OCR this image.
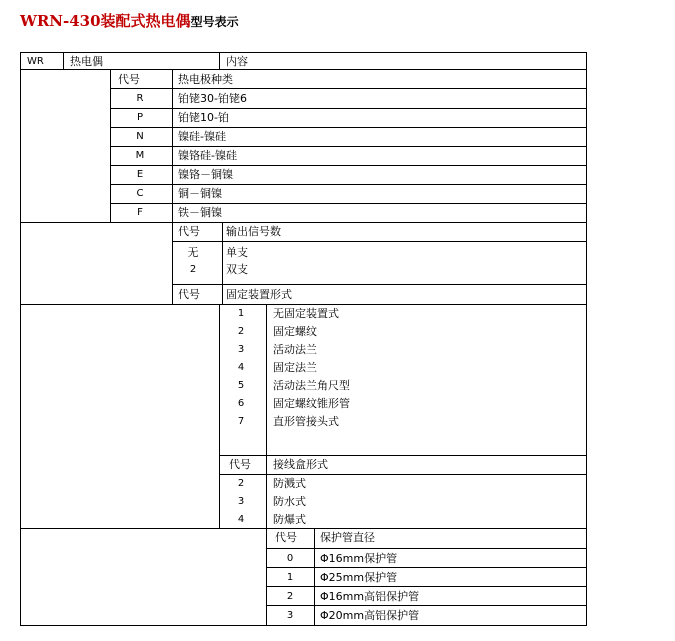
WRN-430装配式热电偶型号表示
WR 热电偶	内容
代号	热电极种类
R	铂铑30-铂铑6
P	铂铑10-铂
N	镍硅-镍硅
M	镍铬硅-镍硅
E	镍铬－铜镍
C	铜－铜镍
F	铁－铜镍
代号 输出信号数
无	单支
2	双支
代号 固定装置形式
1	无固定装置式
2	固定螺纹
3	活动法兰
4	固定法兰
5	活动法兰角尺型
6	固定螺纹锥形管
7	直形管接头式
代号 接线盒形式
2	防溅式
3	防水式
4	防爆式
代号 保护管直径
0 Φ16mm保护管
1 Φ25mm保护管
2 Φ16mm高铝保护管
3 Φ20mm高铝保护管
